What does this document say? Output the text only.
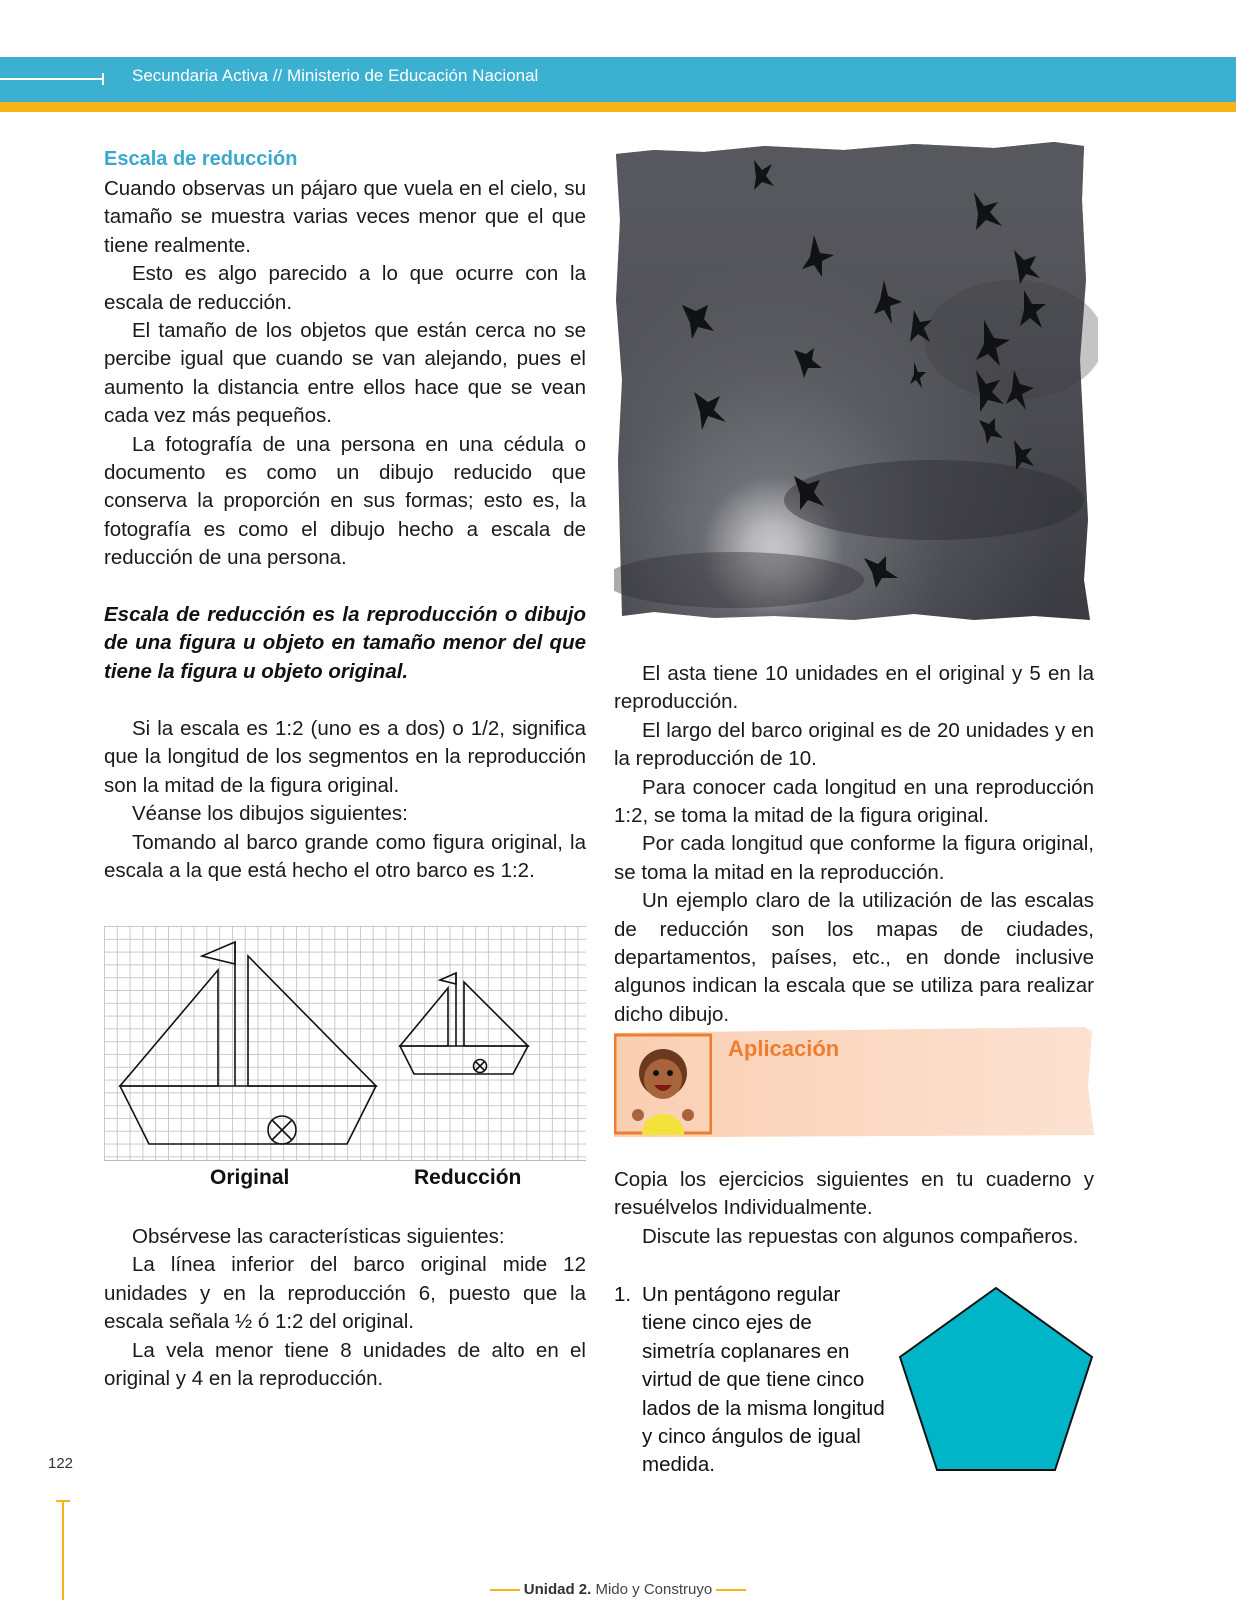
Secundaria Activa // Ministerio de Educación Nacional
Escala de reducción

Cuando observas un pájaro que vuela en el cielo, su tamaño se muestra varias veces menor que el que tiene realmente.

Esto es algo parecido a lo que ocurre con la escala de reducción.

El tamaño de los objetos que están cerca no se percibe igual que cuando se van alejando, pues el aumento la distancia entre ellos hace que se vean cada vez más pequeños.

La fotografía de una persona en una cédula o documento es como un dibujo reducido que conserva la proporción en sus formas; esto es, la fotografía es como el dibujo hecho a escala de reducción de una persona.

Escala de reducción es la reproducción o dibujo de una figura u objeto en tamaño menor del que tiene la figura u objeto original.

Si la escala es 1:2 (uno es a dos) o 1/2, significa que la longitud de los segmentos en la reproducción son la mitad de la figura original.

Véanse los dibujos siguientes:

Tomando al barco grande como figura original, la escala a la que está hecho el otro barco es 1:2.

Original	Reducción

Obsérvese las características siguientes:

La línea inferior del barco original mide 12 unidades y en la reproducción 6, puesto que la escala señala ½ ó 1:2 del original.

La vela menor tiene 8 unidades de alto en el original y 4 en la reproducción.

El asta tiene 10 unidades en el original y 5 en la reproducción.

El largo del barco original es de 20 unidades y en la reproducción de 10.

Para conocer cada longitud en una reproducción 1:2, se toma la mitad de la figura original.

Por cada longitud que conforme la figura original, se toma la mitad en la reproducción.

Un ejemplo claro de la utilización de las escalas de reducción son los mapas de ciudades, departamentos, países, etc., en donde inclusive algunos indican la escala que se utiliza para realizar dicho dibujo.

Aplicación

Copia los ejercicios siguientes en tu cuaderno y resuélvelos Individualmente.

Discute las repuestas con algunos compañeros.

1. Un pentágono regular tiene cinco ejes de simetría coplanares en virtud de que tiene cinco lados de la misma longitud y cinco ángulos de igual medida.
122
Unidad 2. Mido y Construyo
